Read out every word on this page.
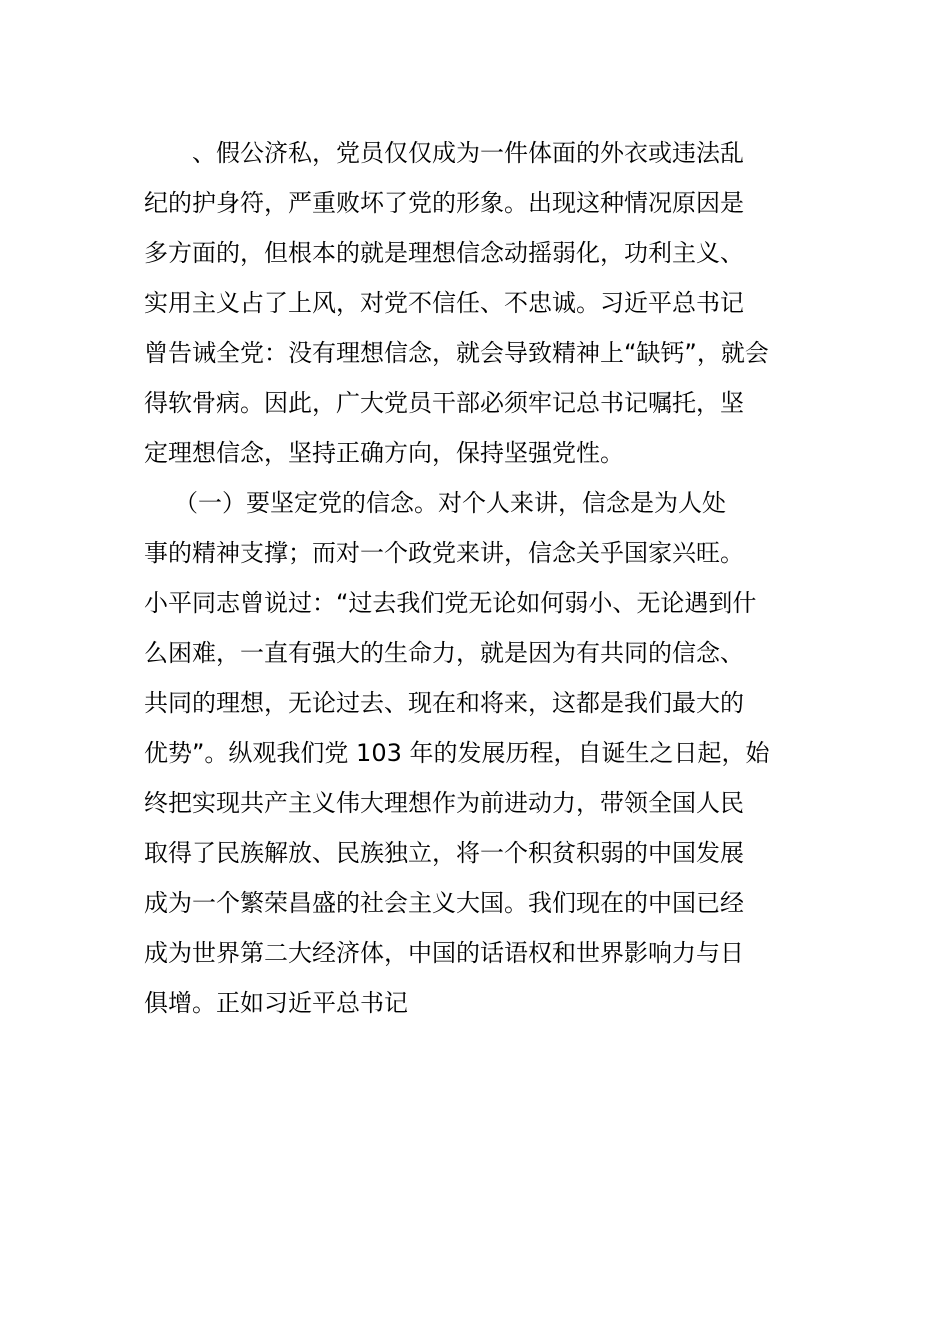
、假公济私，党员仅仅成为一件体面的外衣或违法乱
纪的护身符，严重败坏了党的形象。出现这种情况原因是
多方面的，但根本的就是理想信念动摇弱化，功利主义、
实用主义占了上风，对党不信任、不忠诚。习近平总书记
曾告诫全党：没有理想信念，就会导致精神上“缺钙”，就会
得软骨病。因此，广大党员干部必须牢记总书记嘱托，坚
定理想信念，坚持正确方向，保持坚强党性。
（一）要坚定党的信念。对个人来讲，信念是为人处
事的精神支撑；而对一个政党来讲，信念关乎国家兴旺。
小平同志曾说过：“过去我们党无论如何弱小、无论遇到什
么困难，一直有强大的生命力，就是因为有共同的信念、
共同的理想，无论过去、现在和将来，这都是我们最大的
优势”。纵观我们党 103 年的发展历程，自诞生之日起，始
终把实现共产主义伟大理想作为前进动力，带领全国人民
取得了民族解放、民族独立，将一个积贫积弱的中国发展
成为一个繁荣昌盛的社会主义大国。我们现在的中国已经
成为世界第二大经济体，中国的话语权和世界影响力与日
俱增。正如习近平总书记
